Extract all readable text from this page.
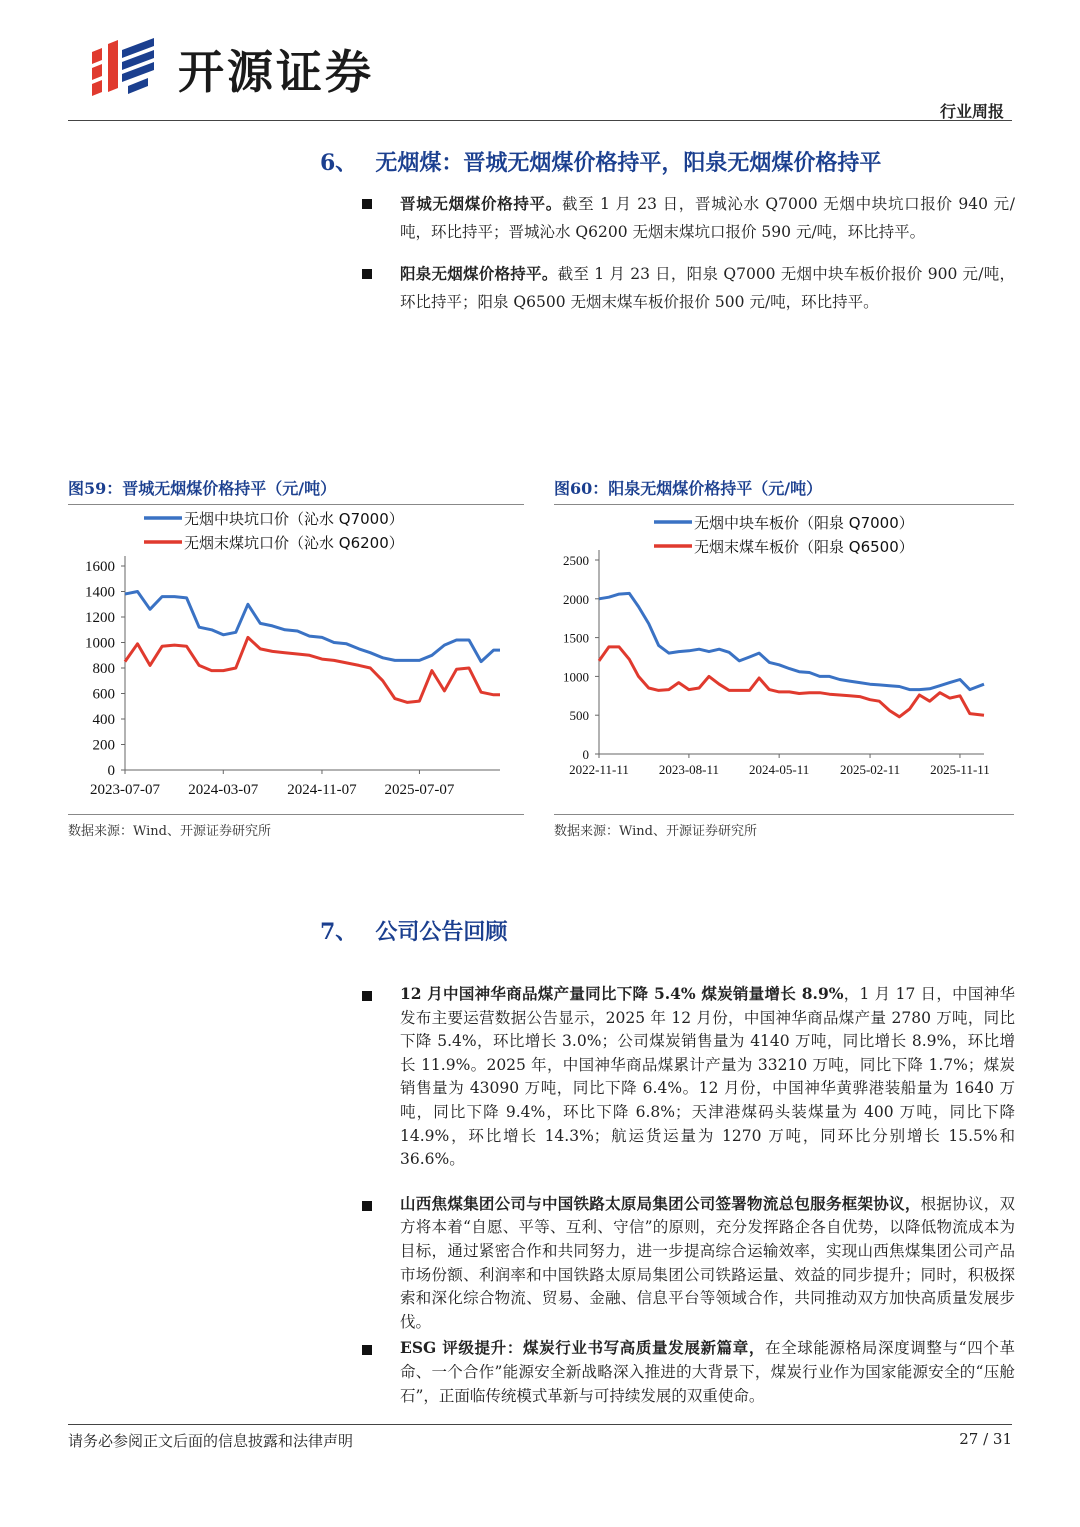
开源证券
行业周报
6、 无烟煤：晋城无烟煤价格持平，阳泉无烟煤价格持平
晋城无烟煤价格持平。截至 1 月 23 日，晋城沁水 Q7000 无烟中块坑口报价 940 元/吨，环比持平；晋城沁水 Q6200 无烟末煤坑口报价 590 元/吨，环比持平。
阳泉无烟煤价格持平。截至 1 月 23 日，阳泉 Q7000 无烟中块车板价报价 900 元/吨，环比持平；阳泉 Q6500 无烟末煤车板价报价 500 元/吨，环比持平。
图59：晋城无烟煤价格持平（元/吨）	图60：阳泉无烟煤价格持平（元/吨）
0
200
400
600
800
1000
1200
1400
1600
2023-07-07 2024-03-07 2024-11-07 2025-07-07
无烟中块坑口价（沁水 Q7000）
无烟末煤坑口价（沁水 Q6200）
0
500
1000
1500
2000
2500
2022-11-11 2023-08-11 2024-05-11 2025-02-11 2025-11-11
无烟中块车板价（阳泉 Q7000）
无烟末煤车板价（阳泉 Q6500）
数据来源：Wind、开源证券研究所	数据来源：Wind、开源证券研究所
7、 公司公告回顾
12 月中国神华商品煤产量同比下降 5.4% 煤炭销量增长 8.9%，1 月 17 日，中国神华发布主要运营数据公告显示，2025 年 12 月份，中国神华商品煤产量 2780 万吨，同比下降 5.4%，环比增长 3.0%；公司煤炭销售量为 4140 万吨，同比增长 8.9%，环比增长 11.9%。2025 年，中国神华商品煤累计产量为 33210 万吨，同比下降 1.7%；煤炭销售量为 43090 万吨，同比下降 6.4%。12 月份，中国神华黄骅港装船量为 1640 万吨，同比下降 9.4%，环比下降 6.8%；天津港煤码头装煤量为 400 万吨，同比下降 14.9%，环比增长 14.3%；航运货运量为 1270 万吨，同环比分别增长 15.5%和 36.6%。
山西焦煤集团公司与中国铁路太原局集团公司签署物流总包服务框架协议，根据协议，双方将本着“自愿、平等、互利、守信”的原则，充分发挥路企各自优势，以降低物流成本为目标，通过紧密合作和共同努力，进一步提高综合运输效率，实现山西焦煤集团公司产品市场份额、利润率和中国铁路太原局集团公司铁路运量、效益的同步提升；同时，积极探索和深化综合物流、贸易、金融、信息平台等领域合作，共同推动双方加快高质量发展步伐。
ESG 评级提升：煤炭行业书写高质量发展新篇章，在全球能源格局深度调整与“四个革命、一个合作”能源安全新战略深入推进的大背景下，煤炭行业作为国家能源安全的“压舱石”，正面临传统模式革新与可持续发展的双重使命。
请务必参阅正文后面的信息披露和法律声明	27 / 31
